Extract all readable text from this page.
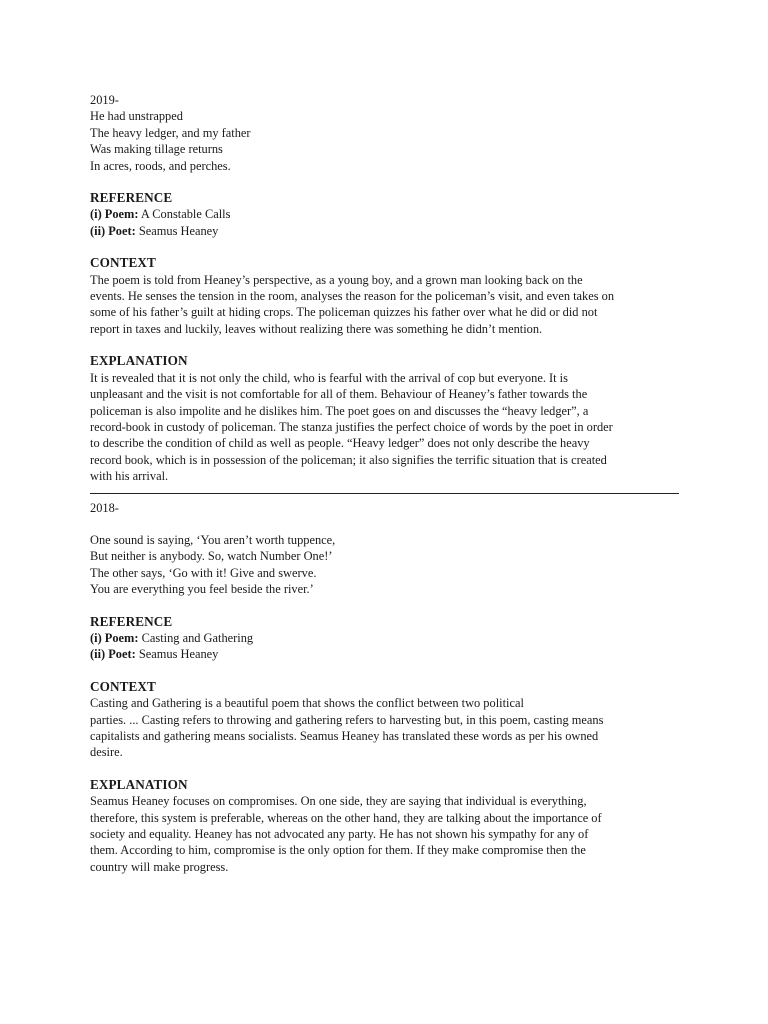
2019-
He had unstrapped
The heavy ledger, and my father
Was making tillage returns
In acres, roods, and perches.
REFERENCE
(i) Poem: A Constable Calls
(ii) Poet: Seamus Heaney
CONTEXT
The poem is told from Heaney’s perspective, as a young boy, and a grown man looking back on the
events. He senses the tension in the room, analyses the reason for the policeman’s visit, and even takes on
some of his father’s guilt at hiding crops. The policeman quizzes his father over what he did or did not
report in taxes and luckily, leaves without realizing there was something he didn’t mention.
EXPLANATION
It is revealed that it is not only the child, who is fearful with the arrival of cop but everyone. It is
unpleasant and the visit is not comfortable for all of them. Behaviour of Heaney’s father towards the
policeman is also impolite and he dislikes him. The poet goes on and discusses the “heavy ledger”, a
record-book in custody of policeman. The stanza justifies the perfect choice of words by the poet in order
to describe the condition of child as well as people. “Heavy ledger” does not only describe the heavy
record book, which is in possession of the policeman; it also signifies the terrific situation that is created
with his arrival.
2018-
One sound is saying, ‘You aren’t worth tuppence,
But neither is anybody. So, watch Number One!’
The other says, ‘Go with it! Give and swerve.
You are everything you feel beside the river.’
REFERENCE
(i) Poem: Casting and Gathering
(ii) Poet: Seamus Heaney
CONTEXT
Casting and Gathering is a beautiful poem that shows the conflict between two political
parties. ... Casting refers to throwing and gathering refers to harvesting but, in this poem, casting means
capitalists and gathering means socialists. Seamus Heaney has translated these words as per his owned
desire.
EXPLANATION
Seamus Heaney focuses on compromises. On one side, they are saying that individual is everything,
therefore, this system is preferable, whereas on the other hand, they are talking about the importance of
society and equality. Heaney has not advocated any party. He has not shown his sympathy for any of
them. According to him, compromise is the only option for them. If they make compromise then the
country will make progress.
